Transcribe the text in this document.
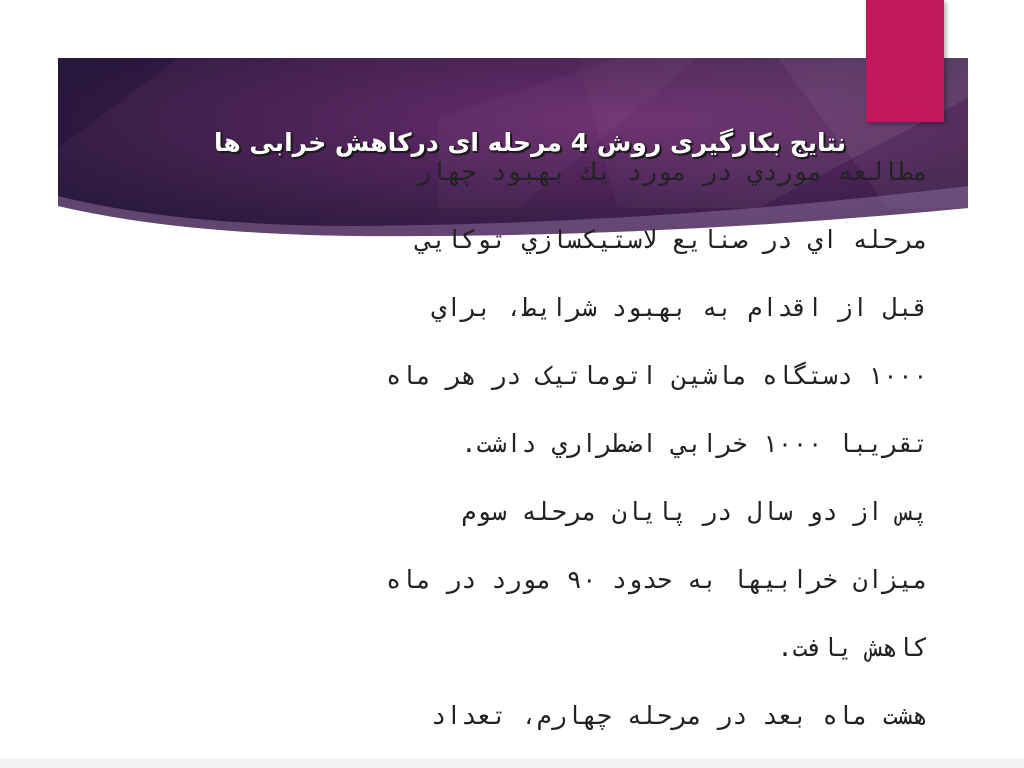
نتایج بکارگیری روش 4 مرحله ای درکاهش خرابی ها
مطالعه موردي در مورد يك بهبود چهار
مرحله اي در صنايع لاستيكسازي توكايي
قبل از اقدام به بهبود شرايط، براي
۱۰۰۰ دستگاه ماشين اتوماتيک در هر ماه
تقريبا ۱۰۰۰ خرابي اضطراري داشت.
پس از دو سال در پايان مرحله سوم
ميزان خرابيها به حدود ۹۰ مورد در ماه
كاهش يافت.
هشت ماه بعد در مرحله چهارم، تعداد
